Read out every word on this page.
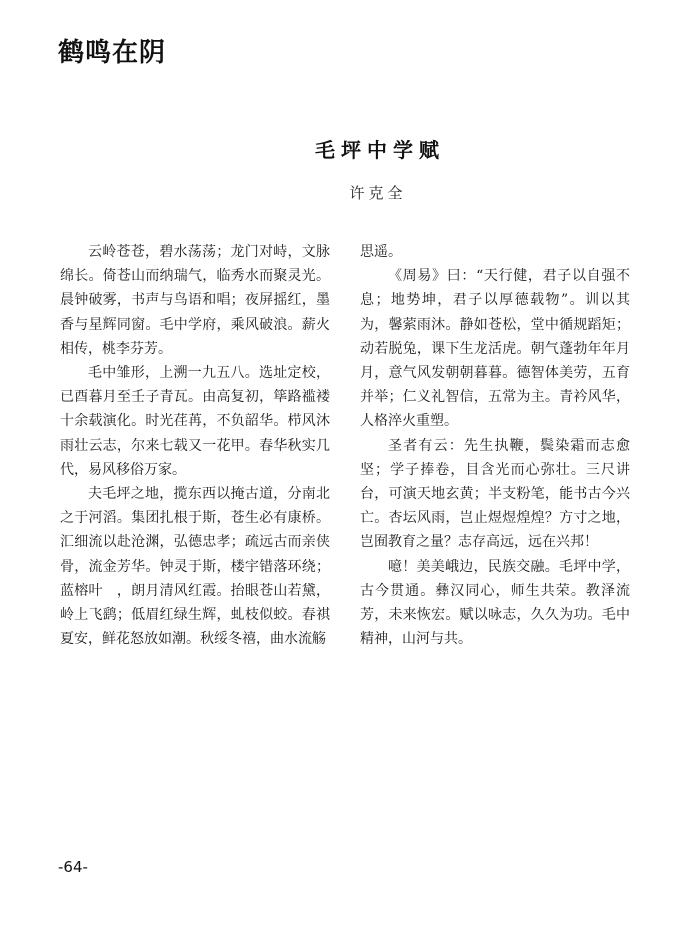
鹤鸣在阴
毛坪中学赋
许克全

云岭苍苍，碧水荡荡；龙门对峙，文脉绵长。倚苍山而纳瑞气，临秀水而聚灵光。晨钟破雾，书声与鸟语和唱；夜屏摇红，墨香与星辉同窗。毛中学府，乘风破浪。薪火相传，桃李芬芳。

毛中雏形，上溯一九五八。选址定校，已酉暮月至壬子青瓦。由高复初，筚路褴褛十余载演化。时光荏苒，不负韶华。栉风沐雨壮云志，尔来七载又一花甲。春华秋实几代，易风移俗万家。

夫毛坪之地，揽东西以掩古道，分南北之于河滔。集团扎根于斯，苍生必有康桥。汇细流以赴沧渊，弘德忠孝；疏远古而亲侠骨，流金芳华。钟灵于斯，楼宇错落环绕；蓝榕叶　，朗月清风红霞。抬眼苍山若黛，岭上飞鹞；低眉红绿生辉，虬枝似蛟。春祺夏安，鲜花怒放如潮。秋绥冬禧，曲水流觞

思遥。

《周易》曰：“天行健，君子以自强不息；地势坤，君子以厚德载物”。训以其为，馨萦雨沐。静如苍松，堂中循规蹈矩；动若脱兔，课下生龙活虎。朝气蓬勃年年月月，意气风发朝朝暮暮。德智体美劳，五育并举；仁义礼智信，五常为主。青衿风华，人格淬火重塑。

圣者有云：先生执鞭，鬓染霜而志愈坚；学子捧卷，目含光而心弥壮。三尺讲台，可演天地玄黄；半支粉笔，能书古今兴亡。杏坛风雨，岂止煜煜煌煌？方寸之地，岂囿教育之量？志存高远，远在兴邦！

噫！美美峨边，民族交融。毛坪中学，古今贯通。彝汉同心，师生共荣。教泽流芳，未来恢宏。赋以咏志，久久为功。毛中精神，山河与共。

-64-
